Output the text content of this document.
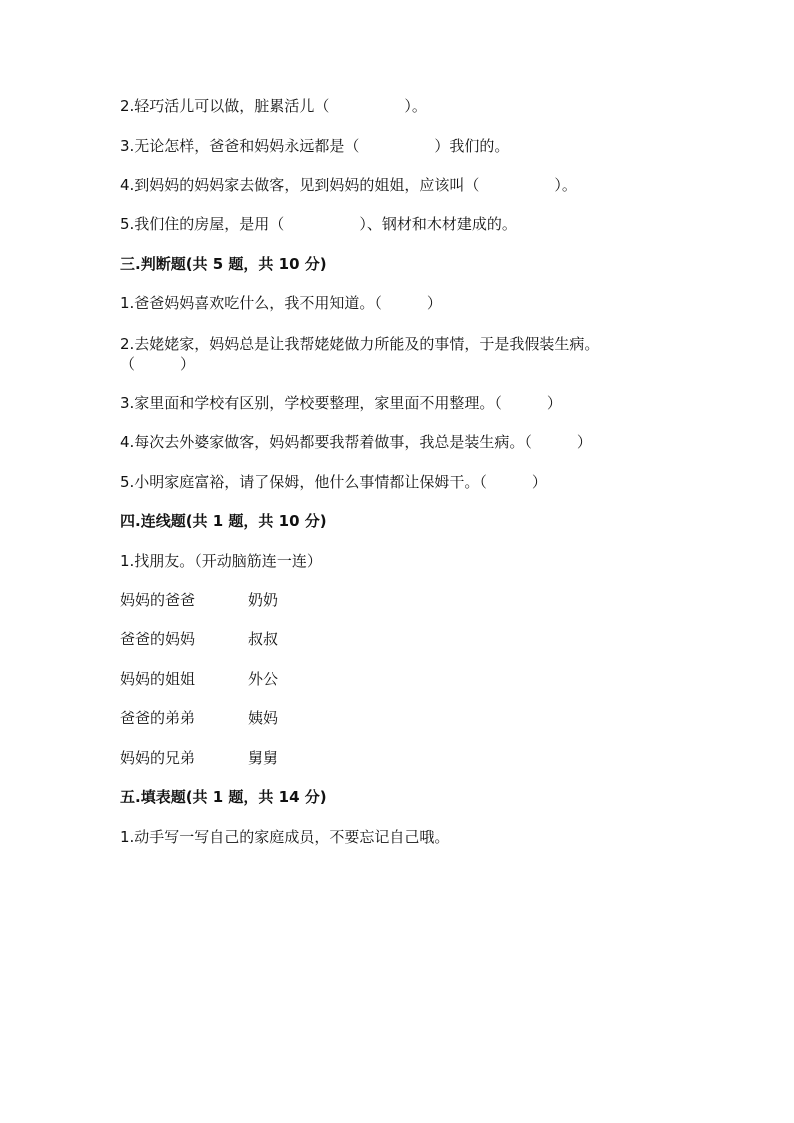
2.轻巧活儿可以做，脏累活儿（　　　　　）。
3.无论怎样，爸爸和妈妈永远都是（　　　　　）我们的。
4.到妈妈的妈妈家去做客，见到妈妈的姐姐，应该叫（　　　　　）。
5.我们住的房屋，是用（　　　　　）、钢材和木材建成的。
三.判断题(共 5 题，共 10 分)
1.爸爸妈妈喜欢吃什么，我不用知道。（　　　）
2.去姥姥家，妈妈总是让我帮姥姥做力所能及的事情，于是我假装生病。（　　　）
3.家里面和学校有区别，学校要整理，家里面不用整理。（　　　）
4.每次去外婆家做客，妈妈都要我帮着做事，我总是装生病。（　　　）
5.小明家庭富裕，请了保姆，他什么事情都让保姆干。（　　　）
四.连线题(共 1 题，共 10 分)
1.找朋友。（开动脑筋连一连）
妈妈的爸爸	奶奶
爸爸的妈妈	叔叔
妈妈的姐姐	外公
爸爸的弟弟	姨妈
妈妈的兄弟	舅舅
五.填表题(共 1 题，共 14 分)
1.动手写一写自己的家庭成员，不要忘记自己哦。
